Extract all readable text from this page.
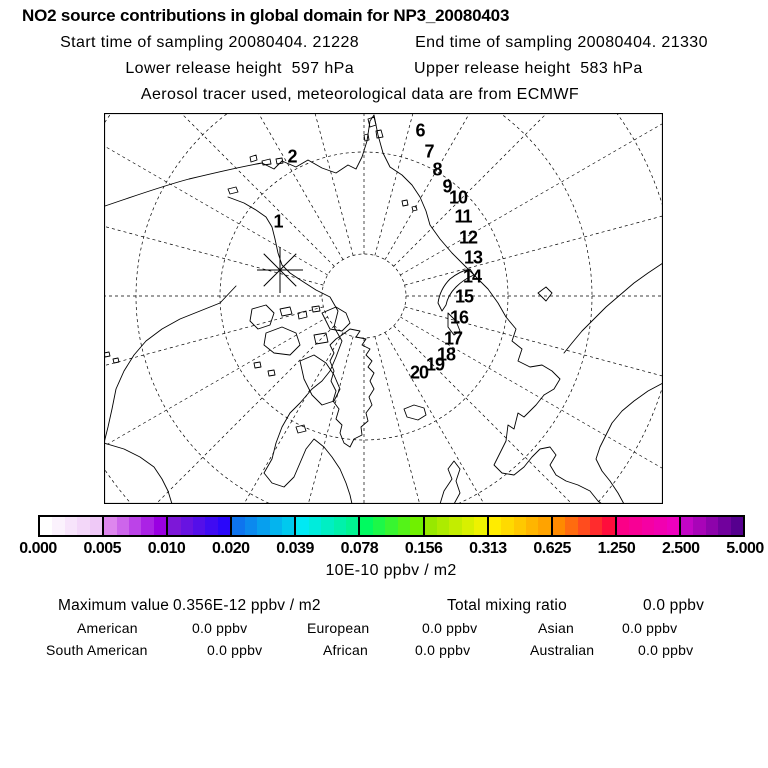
NO2 source contributions in global domain for NP3_20080403
Start time of sampling 20080404. 21228	End time of sampling 20080404. 21330
Lower release height  597 hPa	Upper release height  583 hPa
Aerosol tracer used, meteorological data are from ECMWF
1
2
6
7
8
9
10
11
12
13
14
15
16
17
18
19
20
0.000 0.005 0.010 0.020 0.039 0.078 0.156 0.313 0.625 1.250 2.500 5.000
10E-10 ppbv / m2
Maximum value 0.356E-12 ppbv / m2	Total mixing ratio	0.0 ppbv
American	0.0 ppbv	European	0.0 ppbv	Asian	0.0 ppbv
South American	0.0 ppbv	African	0.0 ppbv	Australian	0.0 ppbv
